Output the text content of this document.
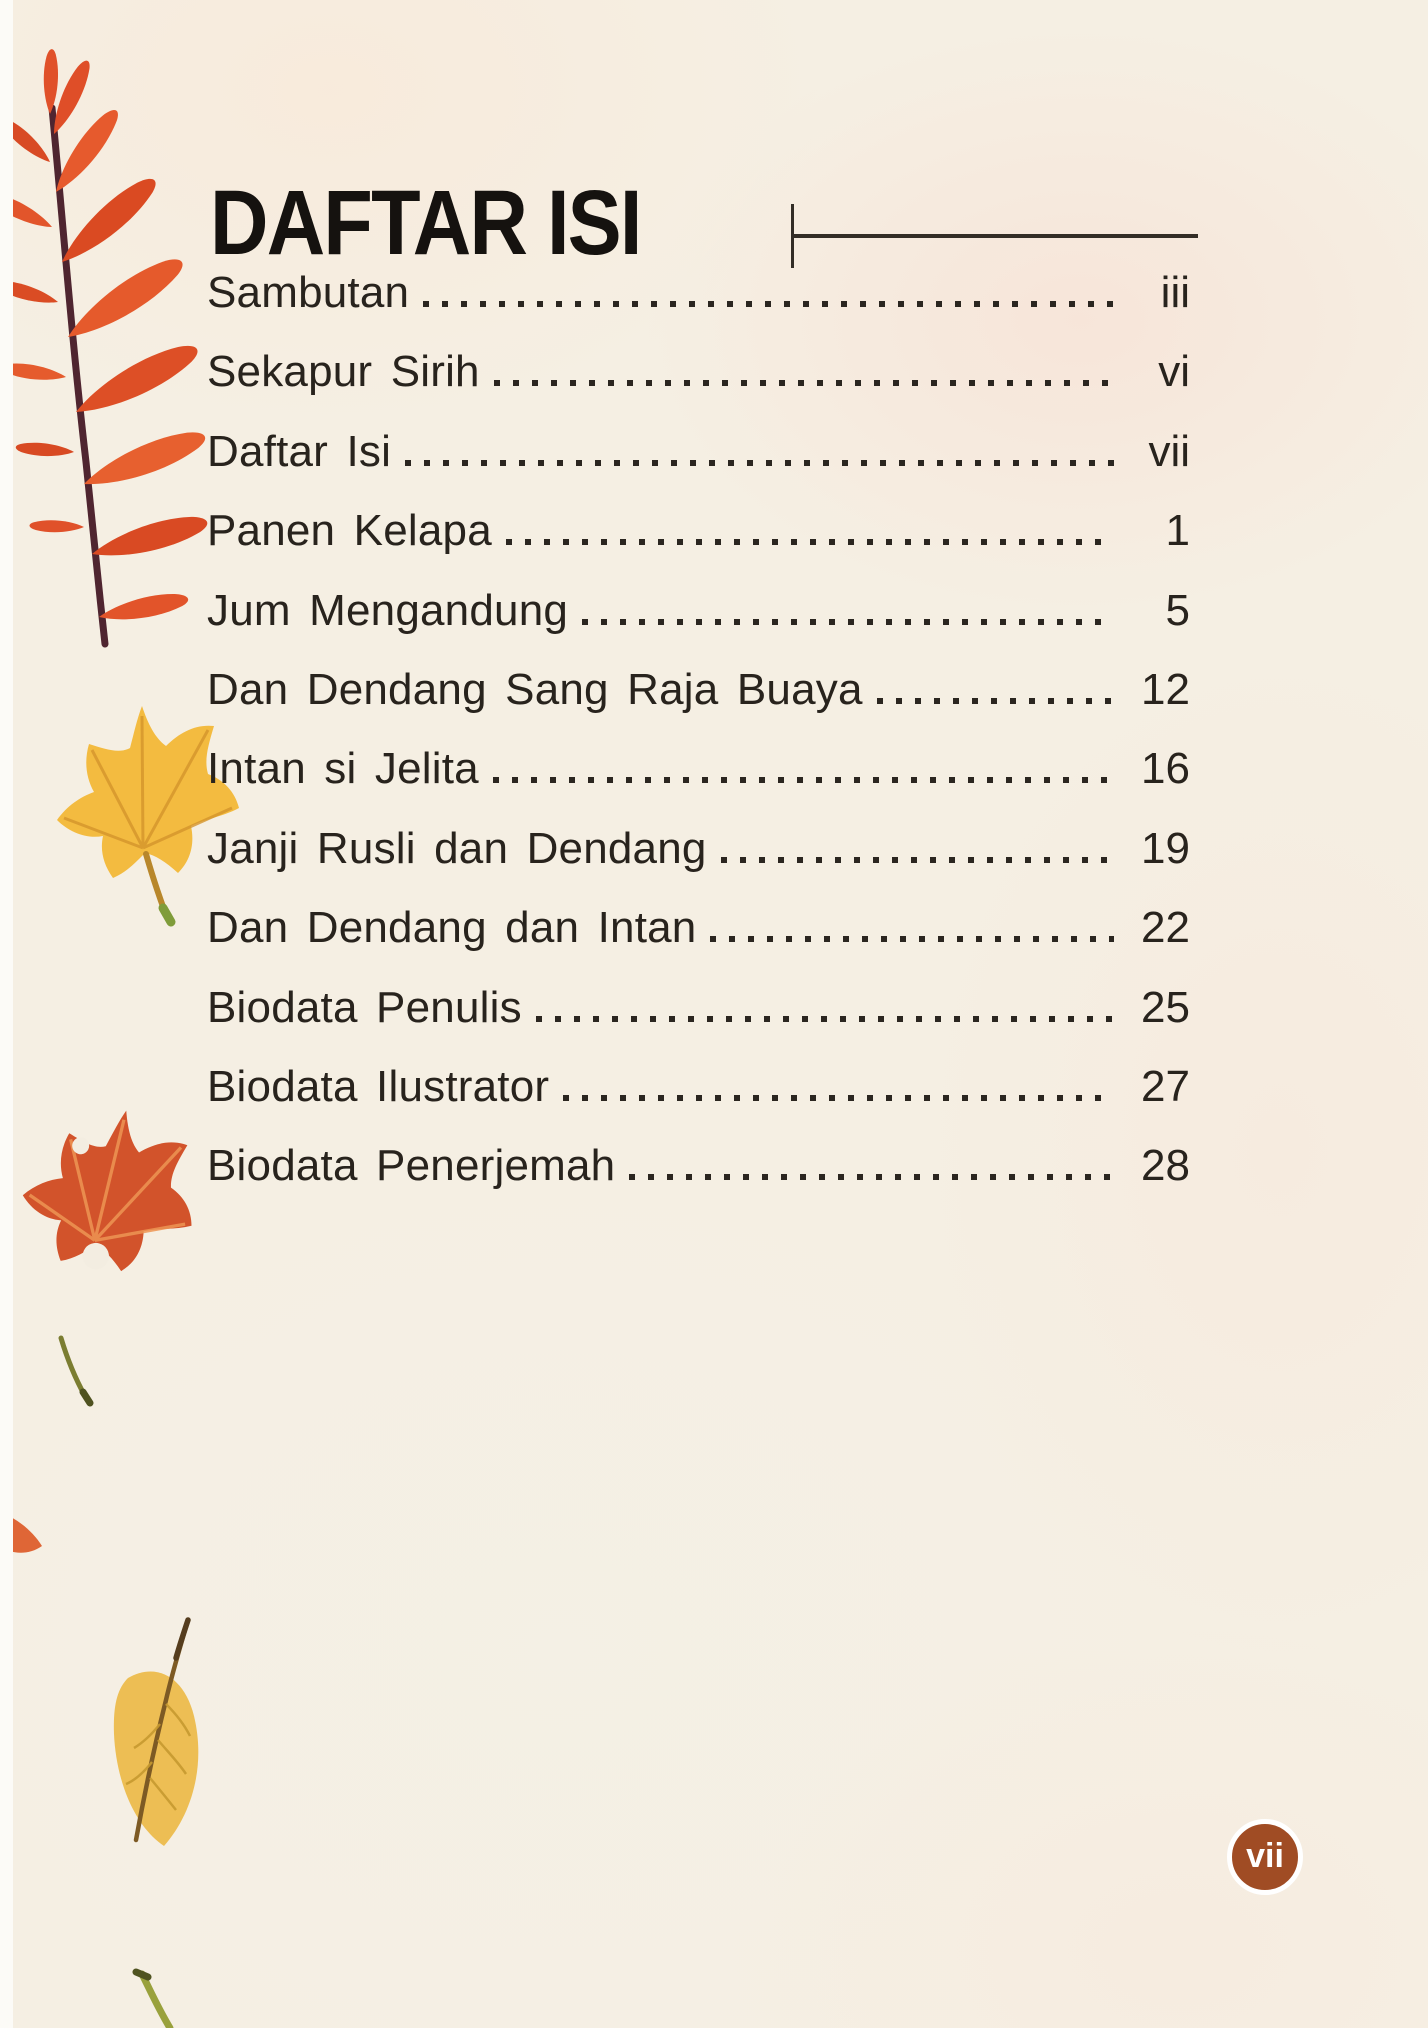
DAFTAR ISI
Sambutan	iii
Sekapur Sirih	vi
Daftar Isi	vii
Panen Kelapa	1
Jum Mengandung	5
Dan Dendang Sang Raja Buaya	12
Intan si Jelita	16
Janji Rusli dan Dendang	19
Dan Dendang dan Intan	22
Biodata Penulis	25
Biodata Ilustrator	27
Biodata Penerjemah	28
vii
